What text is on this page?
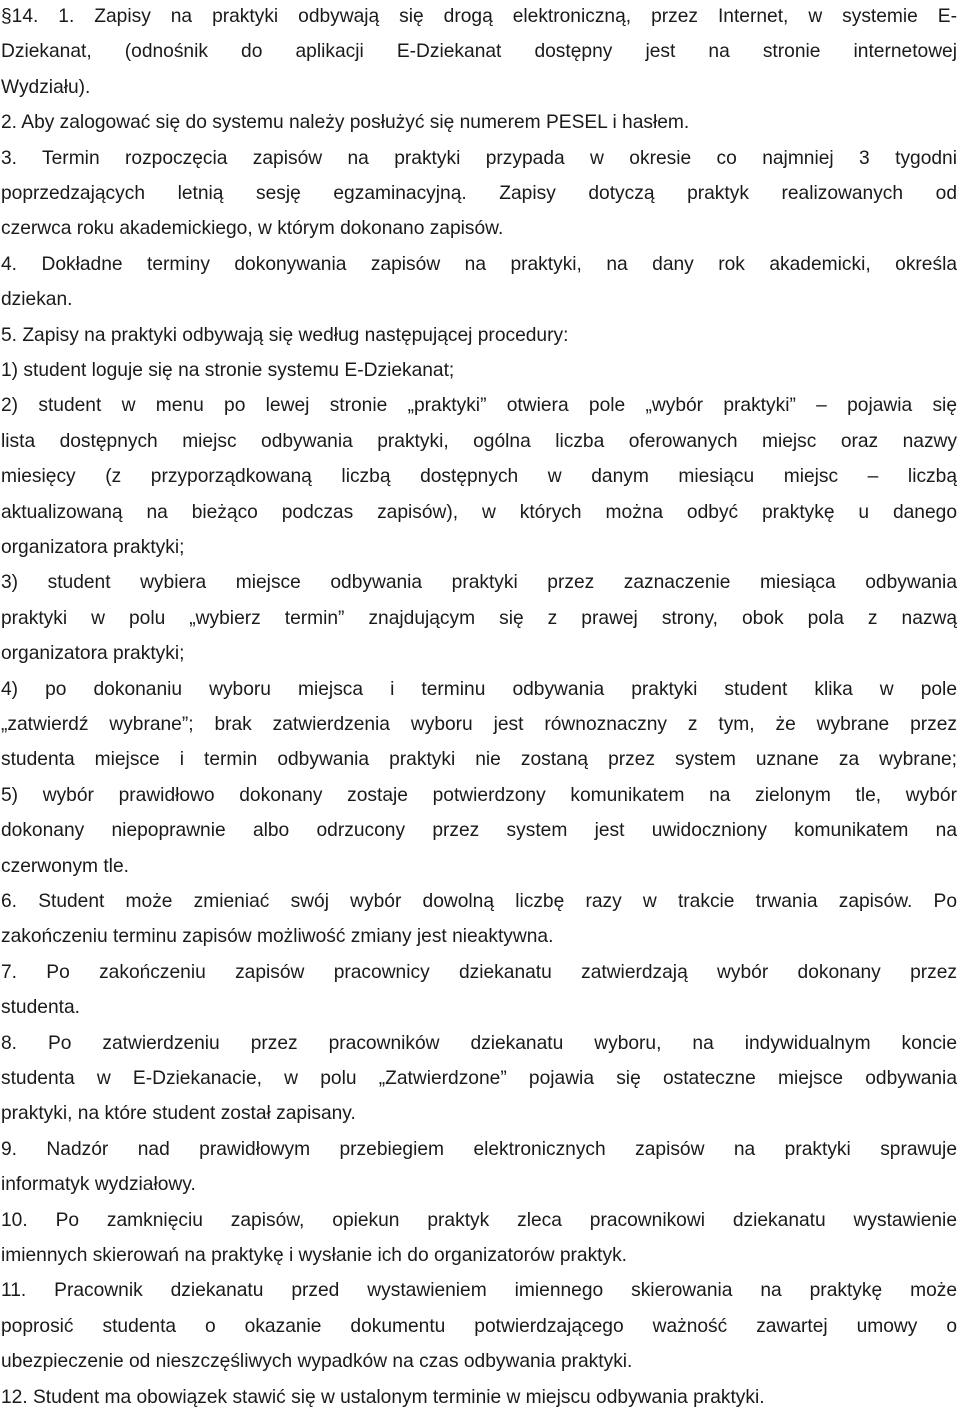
§14. 1. Zapisy na praktyki odbywają się drogą elektroniczną, przez Internet, w systemie E-
Dziekanat, (odnośnik do aplikacji E-Dziekanat dostępny jest na stronie internetowej
Wydziału).
2. Aby zalogować się do systemu należy posłużyć się numerem PESEL i hasłem.
3. Termin rozpoczęcia zapisów na praktyki przypada w okresie co najmniej 3 tygodni
poprzedzających letnią sesję egzaminacyjną. Zapisy dotyczą praktyk realizowanych od
czerwca roku akademickiego, w którym dokonano zapisów.
4. Dokładne terminy dokonywania zapisów na praktyki, na dany rok akademicki, określa
dziekan.
5. Zapisy na praktyki odbywają się według następującej procedury:
1) student loguje się na stronie systemu E-Dziekanat;
2) student w menu po lewej stronie „praktyki” otwiera pole „wybór praktyki” – pojawia się
lista dostępnych miejsc odbywania praktyki, ogólna liczba oferowanych miejsc oraz nazwy
miesięcy (z przyporządkowaną liczbą dostępnych w danym miesiącu miejsc – liczbą
aktualizowaną na bieżąco podczas zapisów), w których można odbyć praktykę u danego
organizatora praktyki;
3) student wybiera miejsce odbywania praktyki przez zaznaczenie miesiąca odbywania
praktyki w polu „wybierz termin” znajdującym się z prawej strony, obok pola z nazwą
organizatora praktyki;
4) po dokonaniu wyboru miejsca i terminu odbywania praktyki student klika w pole
„zatwierdź wybrane”; brak zatwierdzenia wyboru jest równoznaczny z tym, że wybrane przez
studenta miejsce i termin odbywania praktyki nie zostaną przez system uznane za wybrane;
5) wybór prawidłowo dokonany zostaje potwierdzony komunikatem na zielonym tle, wybór
dokonany niepoprawnie albo odrzucony przez system jest uwidoczniony komunikatem na
czerwonym tle.
6. Student może zmieniać swój wybór dowolną liczbę razy w trakcie trwania zapisów. Po
zakończeniu terminu zapisów możliwość zmiany jest nieaktywna.
7. Po zakończeniu zapisów pracownicy dziekanatu zatwierdzają wybór dokonany przez
studenta.
8. Po zatwierdzeniu przez pracowników dziekanatu wyboru, na indywidualnym koncie
studenta w E-Dziekanacie, w polu „Zatwierdzone” pojawia się ostateczne miejsce odbywania
praktyki, na które student został zapisany.
9. Nadzór nad prawidłowym przebiegiem elektronicznych zapisów na praktyki sprawuje
informatyk wydziałowy.
10. Po zamknięciu zapisów, opiekun praktyk zleca pracownikowi dziekanatu wystawienie
imiennych skierowań na praktykę i wysłanie ich do organizatorów praktyk.
11. Pracownik dziekanatu przed wystawieniem imiennego skierowania na praktykę może
poprosić studenta o okazanie dokumentu potwierdzającego ważność zawartej umowy o
ubezpieczenie od nieszczęśliwych wypadków na czas odbywania praktyki.
12. Student ma obowiązek stawić się w ustalonym terminie w miejscu odbywania praktyki.
